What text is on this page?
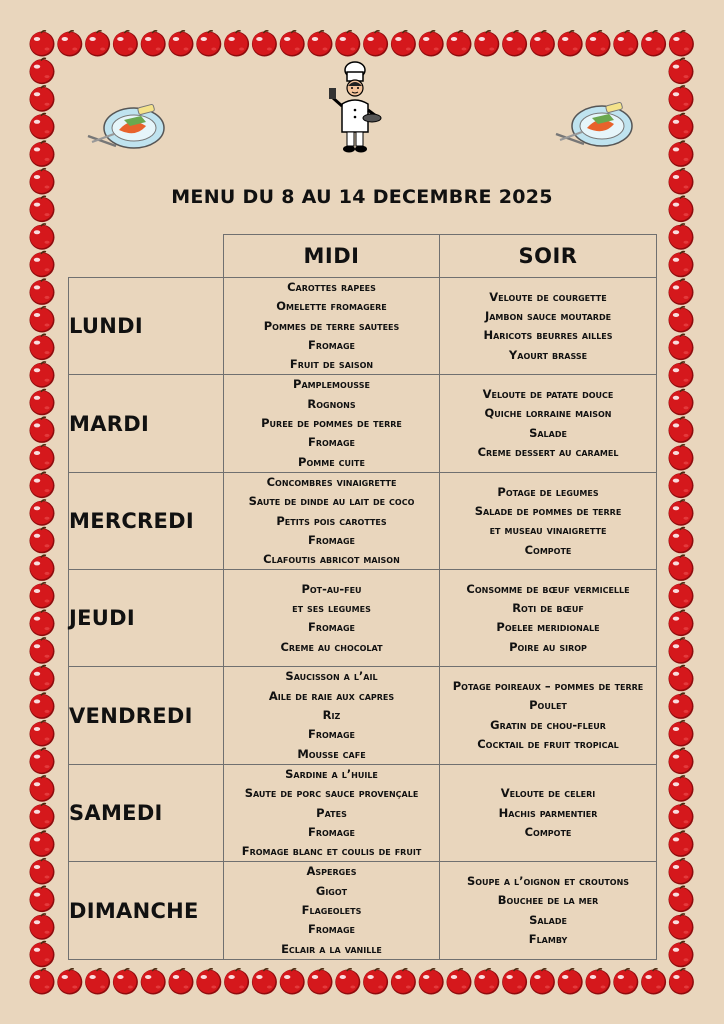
MENU DU 8 AU 14 DECEMBRE 2025
	MIDI	SOIR
LUNDI	Carottes rapees
Omelette fromagere
Pommes de terre sautees
Fromage
Fruit de saison	Veloute de courgette
Jambon sauce moutarde
Haricots beurres ailles
Yaourt brasse

MARDI	Pamplemousse
Rognons
Puree de pommes de terre
Fromage
Pomme cuite	Veloute de patate douce
Quiche lorraine maison
Salade
Creme dessert au caramel

MERCREDI	Concombres vinaigrette
Saute de dinde au lait de coco
Petits pois carottes
Fromage
Clafoutis abricot maison	Potage de legumes
Salade de pommes de terre
et museau vinaigrette
Compote

JEUDI	Pot-au-feu
et ses legumes
Fromage
Creme au chocolat	Consomme de bœuf vermicelle
Roti de bœuf
Poelee meridionale
Poire au sirop

VENDREDI	Saucisson a l’ail
Aile de raie aux capres
Riz
Fromage
Mousse cafe	Potage poireaux – pommes de terre
Poulet
Gratin de chou-fleur
Cocktail de fruit tropical

SAMEDI	Sardine a l’huile
Saute de porc sauce provençale
Pates
Fromage
Fromage blanc et coulis de fruit	Veloute de celeri
Hachis parmentier
Compote

DIMANCHE	Asperges
Gigot
Flageolets
Fromage
Eclair a la vanille	Soupe a l’oignon et croutons
Bouchee de la mer
Salade
Flamby
